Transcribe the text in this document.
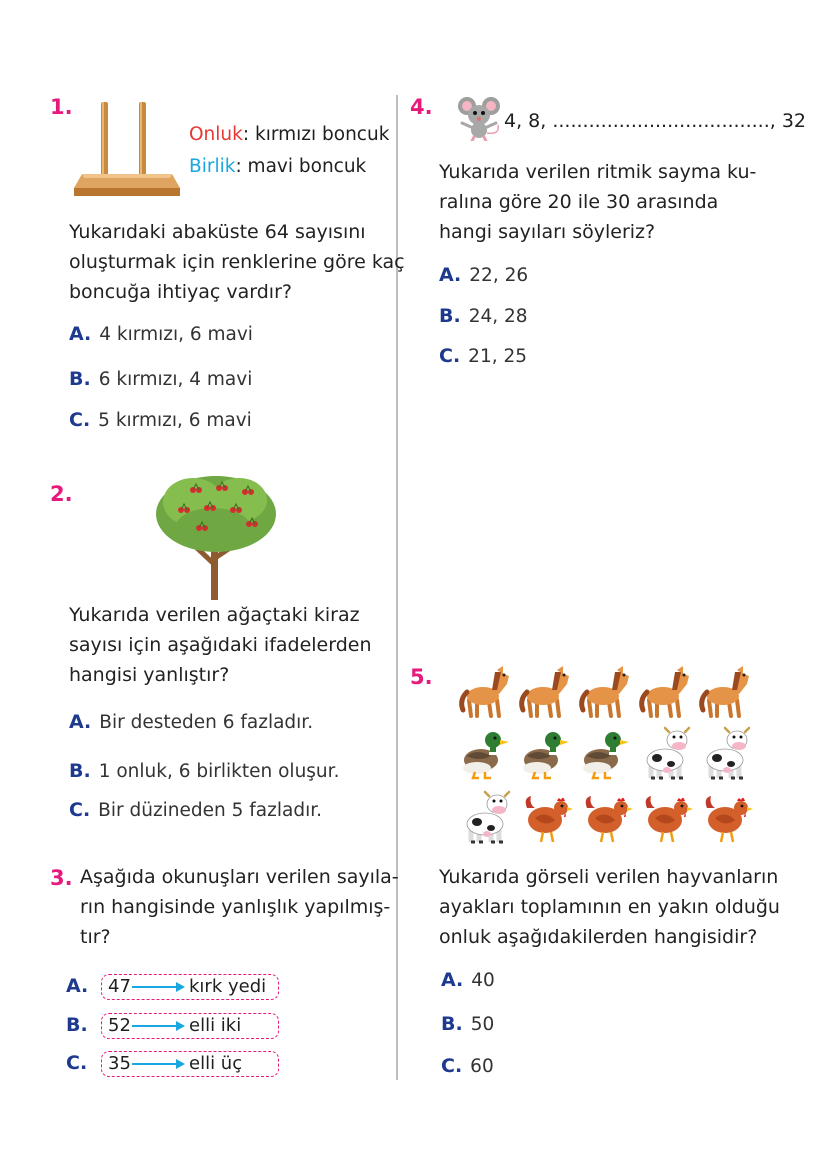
1.
Onluk: kırmızı boncuk
Birlik: mavi boncuk
Yukarıdaki abaküste 64 sayısını
oluşturmak için renklerine göre kaç
boncuğa ihtiyaç vardır?
A. 4 kırmızı, 6 mavi
B. 6 kırmızı, 4 mavi
C. 5 kırmızı, 6 mavi
2.
Yukarıda verilen ağaçtaki kiraz
sayısı için aşağıdaki ifadelerden
hangisi yanlıştır?
A. Bir desteden 6 fazladır.
B. 1 onluk, 6 birlikten oluşur.
C. Bir düzineden 5 fazladır.
3. Aşağıda okunuşları verilen sayıla-
rın hangisinde yanlışlık yapılmış-
tır?
A.	47	kırk yedi
B.	52	elli iki
C.	35	elli üç
4.
4, 8, ...................................., 32
Yukarıda verilen ritmik sayma ku-
ralına göre 20 ile 30 arasında
hangi sayıları söyleriz?
A. 22, 26
B. 24, 28
C. 21, 25
5.
Yukarıda görseli verilen hayvanların
ayakları toplamının en yakın olduğu
onluk aşağıdakilerden hangisidir?
A. 40
B. 50
C. 60
